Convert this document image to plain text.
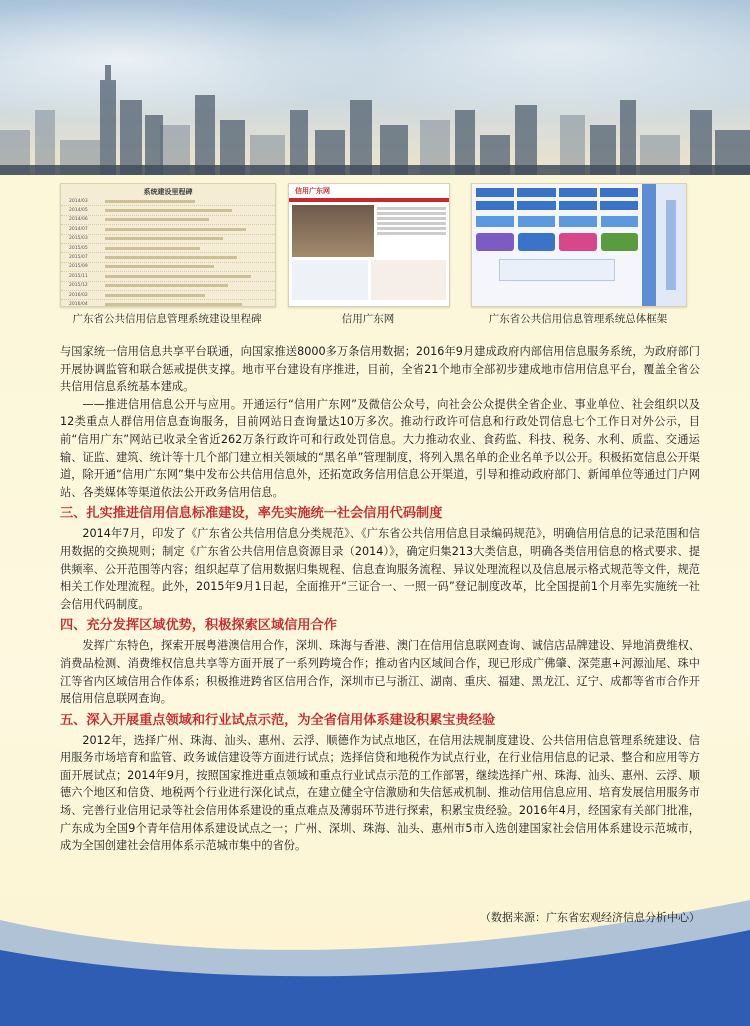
系统建设里程碑
2014/03
2014/05
2014/06
2014/07
2015/03
2015/05
2015/07
2015/09
2015/11
2015/12
2016/02
2016/04
广东省公共信用信息管理系统建设里程碑
信用广东网
信用广东网	广东省公共信用信息管理系统总体框架

与国家统一信用信息共享平台联通，向国家推送8000多万条信用数据；2016年9月建成政府内部信用信息服务系统，为政府部门开展协调监管和联合惩戒提供支撑。地市平台建设有序推进，目前，全省21个地市全部初步建成地市信用信息平台，覆盖全省公共信用信息系统基本建成。

——推进信用信息公开与应用。开通运行“信用广东网”及微信公众号，向社会公众提供全省企业、事业单位、社会组织以及12类重点人群信用信息查询服务，目前网站日查询量达10万多次。推动行政许可信息和行政处罚信息七个工作日对外公示，目前“信用广东”网站已收录全省近262万条行政许可和行政处罚信息。大力推动农业、食药监、科技、税务、水利、质监、交通运输、证监、建筑、统计等十几个部门建立相关领域的“黑名单”管理制度，将列入黑名单的企业名单予以公开。积极拓宽信息公开渠道，除开通“信用广东网”集中发布公共信用信息外，还拓宽政务信用信息公开渠道，引导和推动政府部门、新闻单位等通过门户网站、各类媒体等渠道依法公开政务信用信息。

三、扎实推进信用信息标准建设，率先实施统一社会信用代码制度

2014年7月，印发了《广东省公共信用信息分类规范》、《广东省公共信用信息目录编码规范》，明确信用信息的记录范围和信用数据的交换规则；制定《广东省公共信用信息资源目录（2014）》，确定归集213大类信息，明确各类信用信息的格式要求、提供频率、公开范围等内容；组织起草了信用数据归集规程、信息查询服务流程、异议处理流程以及信息展示格式规范等文件，规范相关工作处理流程。此外，2015年9月1日起，全面推开“三证合一、一照一码”登记制度改革，比全国提前1个月率先实施统一社会信用代码制度。

四、充分发挥区域优势，积极探索区域信用合作

发挥广东特色，探索开展粤港澳信用合作，深圳、珠海与香港、澳门在信用信息联网查询、诚信店品牌建设、异地消费维权、消费品检测、消费维权信息共享等方面开展了一系列跨境合作；推动省内区域间合作，现已形成广佛肇、深莞惠+河源汕尾、珠中江等省内区域信用合作体系；积极推进跨省区信用合作，深圳市已与浙江、湖南、重庆、福建、黑龙江、辽宁、成都等省市合作开展信用信息联网查询。

五、深入开展重点领域和行业试点示范，为全省信用体系建设积累宝贵经验

2012年，选择广州、珠海、汕头、惠州、云浮、顺德作为试点地区，在信用法规制度建设、公共信用信息管理系统建设、信用服务市场培育和监管、政务诚信建设等方面进行试点；选择信贷和地税作为试点行业，在行业信用信息的记录、整合和应用等方面开展试点；2014年9月，按照国家推进重点领域和重点行业试点示范的工作部署，继续选择广州、珠海、汕头、惠州、云浮、顺德六个地区和信贷、地税两个行业进行深化试点，在建立健全守信激励和失信惩戒机制、推动信用信息应用、培育发展信用服务市场、完善行业信用记录等社会信用体系建设的重点难点及薄弱环节进行探索，积累宝贵经验。2016年4月，经国家有关部门批准，广东成为全国9个青年信用体系建设试点之一；广州、深圳、珠海、汕头、惠州市5市入选创建国家社会信用体系建设示范城市，成为全国创建社会信用体系示范城市集中的省份。

（数据来源：广东省宏观经济信息分析中心）
